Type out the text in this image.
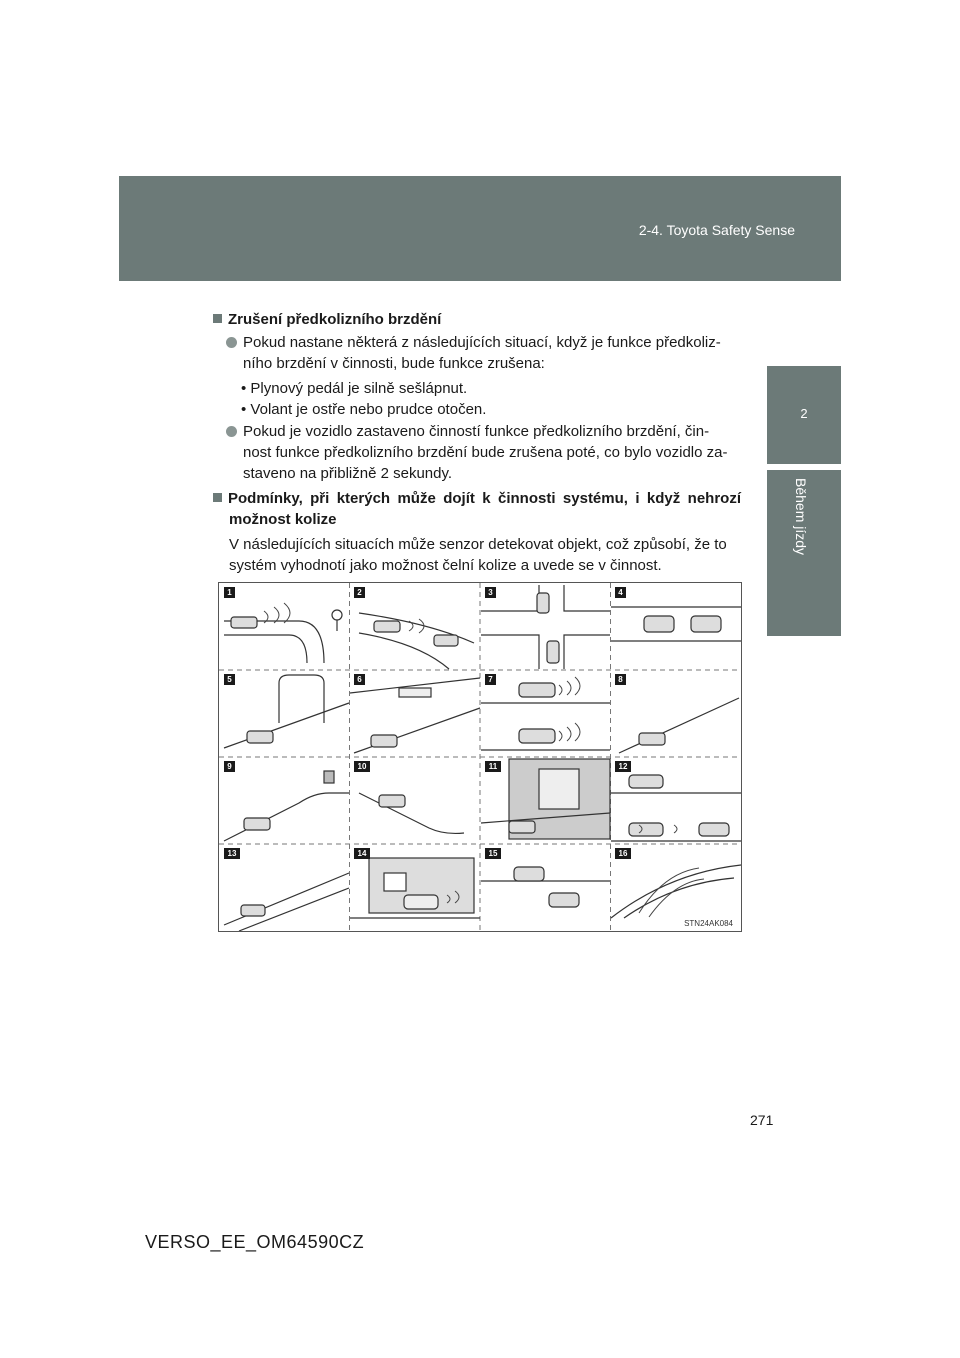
2-4. Toyota Safety Sense
2
Během jízdy
Zrušení předkolizního brzdění
Pokud nastane některá z následujících situací, když je funkce předkoliz-
ního brzdění v činnosti, bude funkce zrušena:
• Plynový pedál je silně sešlápnut.
• Volant je ostře nebo prudce otočen.
Pokud je vozidlo zastaveno činností funkce předkolizního brzdění, čin-
nost funkce předkolizního brzdění bude zrušena poté, co bylo vozidlo za-
staveno na přibližně 2 sekundy.
Podmínky, při kterých může dojít k činnosti systému, i když nehrozí
možnost kolize
V následujících situacích může senzor detekovat objekt, což způsobí, že to
systém vyhodnotí jako možnost čelní kolize a uvede se v činnost.
1	2	3	4
5	6	7	8
9	10	11	12
13	14	15	16
STN24AK084
271
VERSO_EE_OM64590CZ
